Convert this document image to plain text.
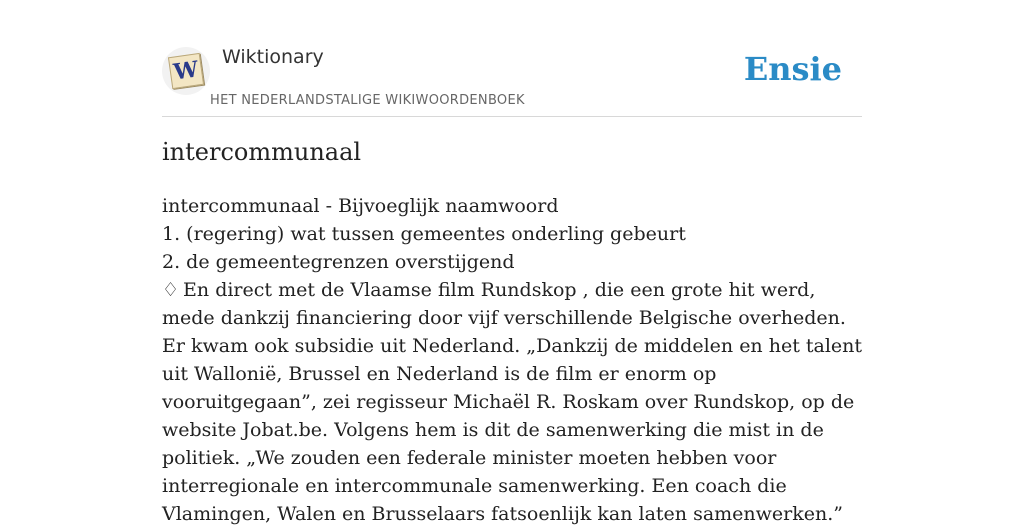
W Wiktionary
HET NEDERLANDSTALIGE WIKIWOORDENBOEK
Ensie
intercommunaal

intercommunaal - Bijvoeglijk naamwoord

1. (regering) wat tussen gemeentes onderling gebeurt

2. de gemeentegrenzen overstijgend

♢ En direct met de Vlaamse film Rundskop , die een grote hit werd, mede dankzij financiering door vijf verschillende Belgische overheden. Er kwam ook subsidie uit Nederland. „Dankzij de middelen en het talent uit Wallonië, Brussel en Nederland is de film er enorm op vooruitgegaan”, zei regisseur Michaël R. Roskam over Rundskop, op de website Jobat.be. Volgens hem is dit de samenwerking die mist in de politiek. „We zouden een federale minister moeten hebben voor interregionale en intercommunale samenwerking. Een coach die Vlamingen, Walen en Brusselaars fatsoenlijk kan laten samenwerken.”
